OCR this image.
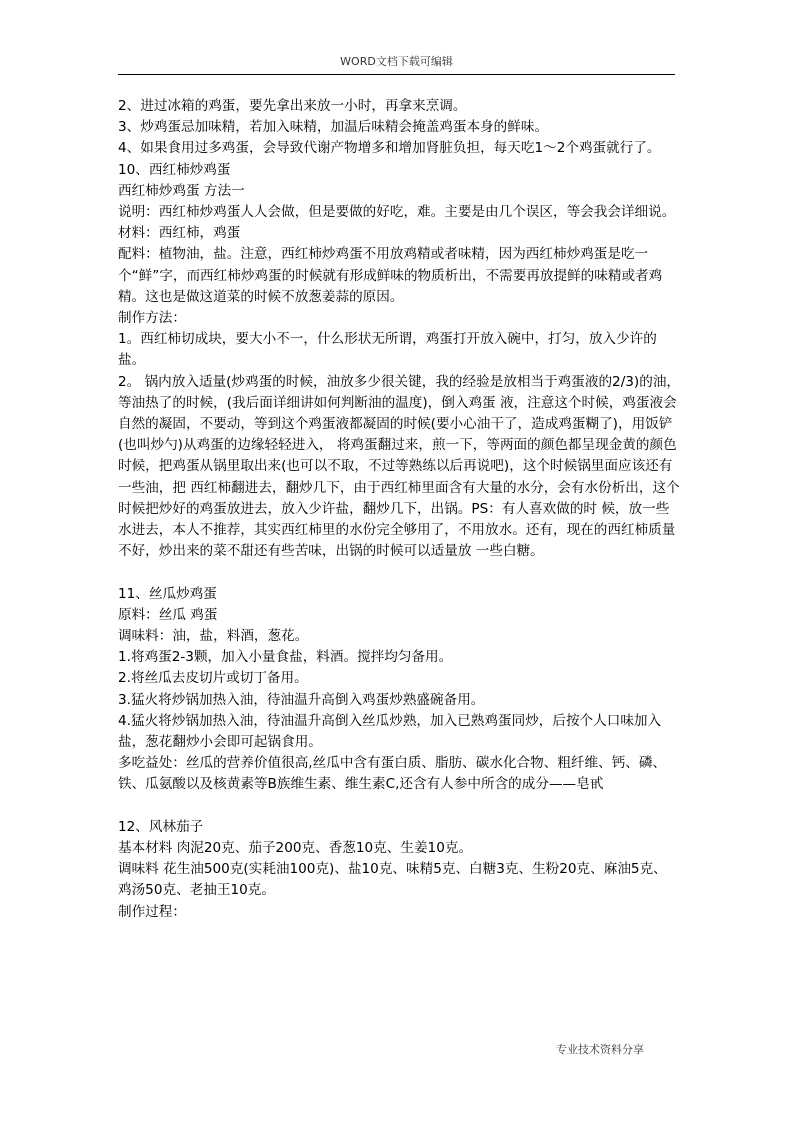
WORD文档下载可编辑

2、进过冰箱的鸡蛋，要先拿出来放一小时，再拿来烹调。

3、炒鸡蛋忌加味精，若加入味精，加温后味精会掩盖鸡蛋本身的鲜味。

4、如果食用过多鸡蛋，会导致代谢产物增多和增加肾脏负担，每天吃1～2个鸡蛋就行了。

10、西红柿炒鸡蛋

西红柿炒鸡蛋 方法一

说明：西红柿炒鸡蛋人人会做，但是要做的好吃，难。主要是由几个误区，等会我会详细说。

材料：西红柿，鸡蛋

配料：植物油，盐。注意，西红柿炒鸡蛋不用放鸡精或者味精，因为西红柿炒鸡蛋是吃一个“鲜”字，而西红柿炒鸡蛋的时候就有形成鲜味的物质析出，不需要再放提鲜的味精或者鸡精。这也是做这道菜的时候不放葱姜蒜的原因。

制作方法：

1。西红柿切成块，要大小不一，什么形状无所谓，鸡蛋打开放入碗中，打匀，放入少许的盐。

2。 锅内放入适量(炒鸡蛋的时候，油放多少很关键，我的经验是放相当于鸡蛋液的2/3)的油，等油热了的时候，(我后面详细讲如何判断油的温度)，倒入鸡蛋 液，注意这个时候，鸡蛋液会自然的凝固，不要动，等到这个鸡蛋液都凝固的时候(要小心油干了，造成鸡蛋糊了)，用饭铲(也叫炒勺)从鸡蛋的边缘轻轻进入， 将鸡蛋翻过来，煎一下，等两面的颜色都呈现金黄的颜色时候，把鸡蛋从锅里取出来(也可以不取，不过等熟练以后再说吧)，这个时候锅里面应该还有一些油，把 西红柿翻进去，翻炒几下，由于西红柿里面含有大量的水分，会有水份析出，这个时候把炒好的鸡蛋放进去，放入少许盐，翻炒几下，出锅。PS：有人喜欢做的时 候，放一些水进去，本人不推荐，其实西红柿里的水份完全够用了，不用放水。还有，现在的西红柿质量不好，炒出来的菜不甜还有些苦味，出锅的时候可以适量放 一些白糖。

11、丝瓜炒鸡蛋

原料：丝瓜 鸡蛋

调味料：油，盐，料酒，葱花。

1.将鸡蛋2-3颗，加入小量食盐，料酒。搅拌均匀备用。

2.将丝瓜去皮切片或切丁备用。

3.猛火将炒锅加热入油，待油温升高倒入鸡蛋炒熟盛碗备用。

4.猛火将炒锅加热入油，待油温升高倒入丝瓜炒熟，加入已熟鸡蛋同炒，后按个人口味加入盐，葱花翻炒小会即可起锅食用。

多吃益处：丝瓜的营养价值很高,丝瓜中含有蛋白质、脂肪、碳水化合物、粗纤维、钙、磷、铁、瓜氨酸以及核黄素等B族维生素、维生素C,还含有人参中所含的成分——皂甙

12、风林茄子

基本材料 肉泥20克、茄子200克、香葱10克、生姜10克。

调味料 花生油500克(实耗油100克)、盐10克、味精5克、白糖3克、生粉20克、麻油5克、鸡汤50克、老抽王10克。

制作过程：

专业技术资料分享
